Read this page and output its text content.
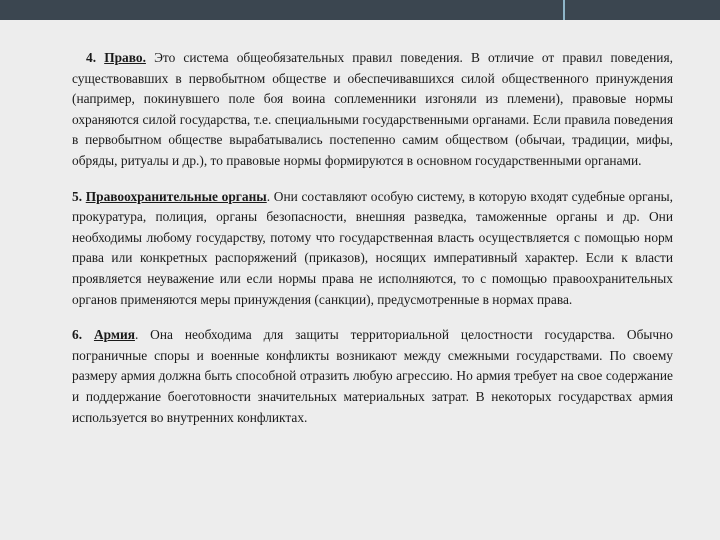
4. Право. Это система общеобязательных правил поведения. В отличие от правил поведения, существовавших в первобытном обществе и обеспечивавшихся силой общественного принуждения (например, покинувшего поле боя воина соплеменники изгоняли из племени), правовые нормы охраняются силой государства, т.е. специальными государственными органами. Если правила поведения в первобытном обществе вырабатывались постепенно самим обществом (обычаи, традиции, мифы, обряды, ритуалы и др.), то правовые нормы формируются в основном государственными органами.

5. Правоохранительные органы. Они составляют особую систему, в которую входят судебные органы, прокуратура, полиция, органы безопасности, внешняя разведка, таможенные органы и др. Они необходимы любому государству, потому что государственная власть осуществляется с помощью норм права или конкретных распоряжений (приказов), носящих императивный характер. Если к власти проявляется неуважение или если нормы права не исполняются, то с помощью правоохранительных органов применяются меры принуждения (санкции), предусмотренные в нормах права.

6. Армия. Она необходима для защиты территориальной целостности государства. Обычно пограничные споры и военные конфликты возникают между смежными государствами. По своему размеру армия должна быть способной отразить любую агрессию. Но армия требует на свое содержание и поддержание боеготовности значительных материальных затрат. В некоторых государствах армия используется во внутренних конфликтах.
